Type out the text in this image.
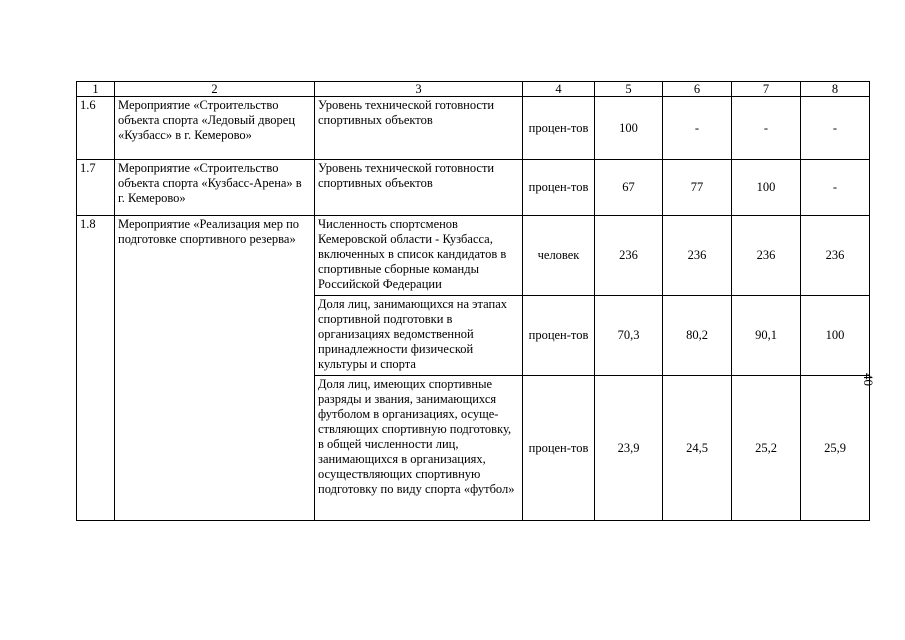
1	2	3	4	5	6	7	8
1.6	Мероприятие «Строительство объекта спорта «Ледовый дворец «Кузбасс» в г. Кемерово»	Уровень технической готовности спортивных объектов	процен-тов	100	-	-	-
1.7	Мероприятие «Строительство объекта спорта «Кузбасс-Арена» в г. Кемерово»	Уровень технической готовности спортивных объектов	процен-тов	67	77	100	-
1.8	Мероприятие «Реализация мер по подготовке спортивного резерва»	Численность спортсменов Кемеровской области - Кузбасса, включенных в список кандидатов в спортивные сборные команды Российской Федерации	человек	236	236	236	236
		Доля лиц, занимающихся на этапах спортивной подготовки в организациях ведомственной принадлежности физической культуры и спорта	процен-тов	70,3	80,2	90,1	100
		Доля лиц, имеющих спортивные разряды и звания, занимающихся футболом в организациях, осуще-ствляющих спортивную подготовку, в общей численности лиц, занимающихся в организациях, осуществляющих спортивную подготовку по виду спорта «футбол»	процен-тов	23,9	24,5	25,2	25,9
40
